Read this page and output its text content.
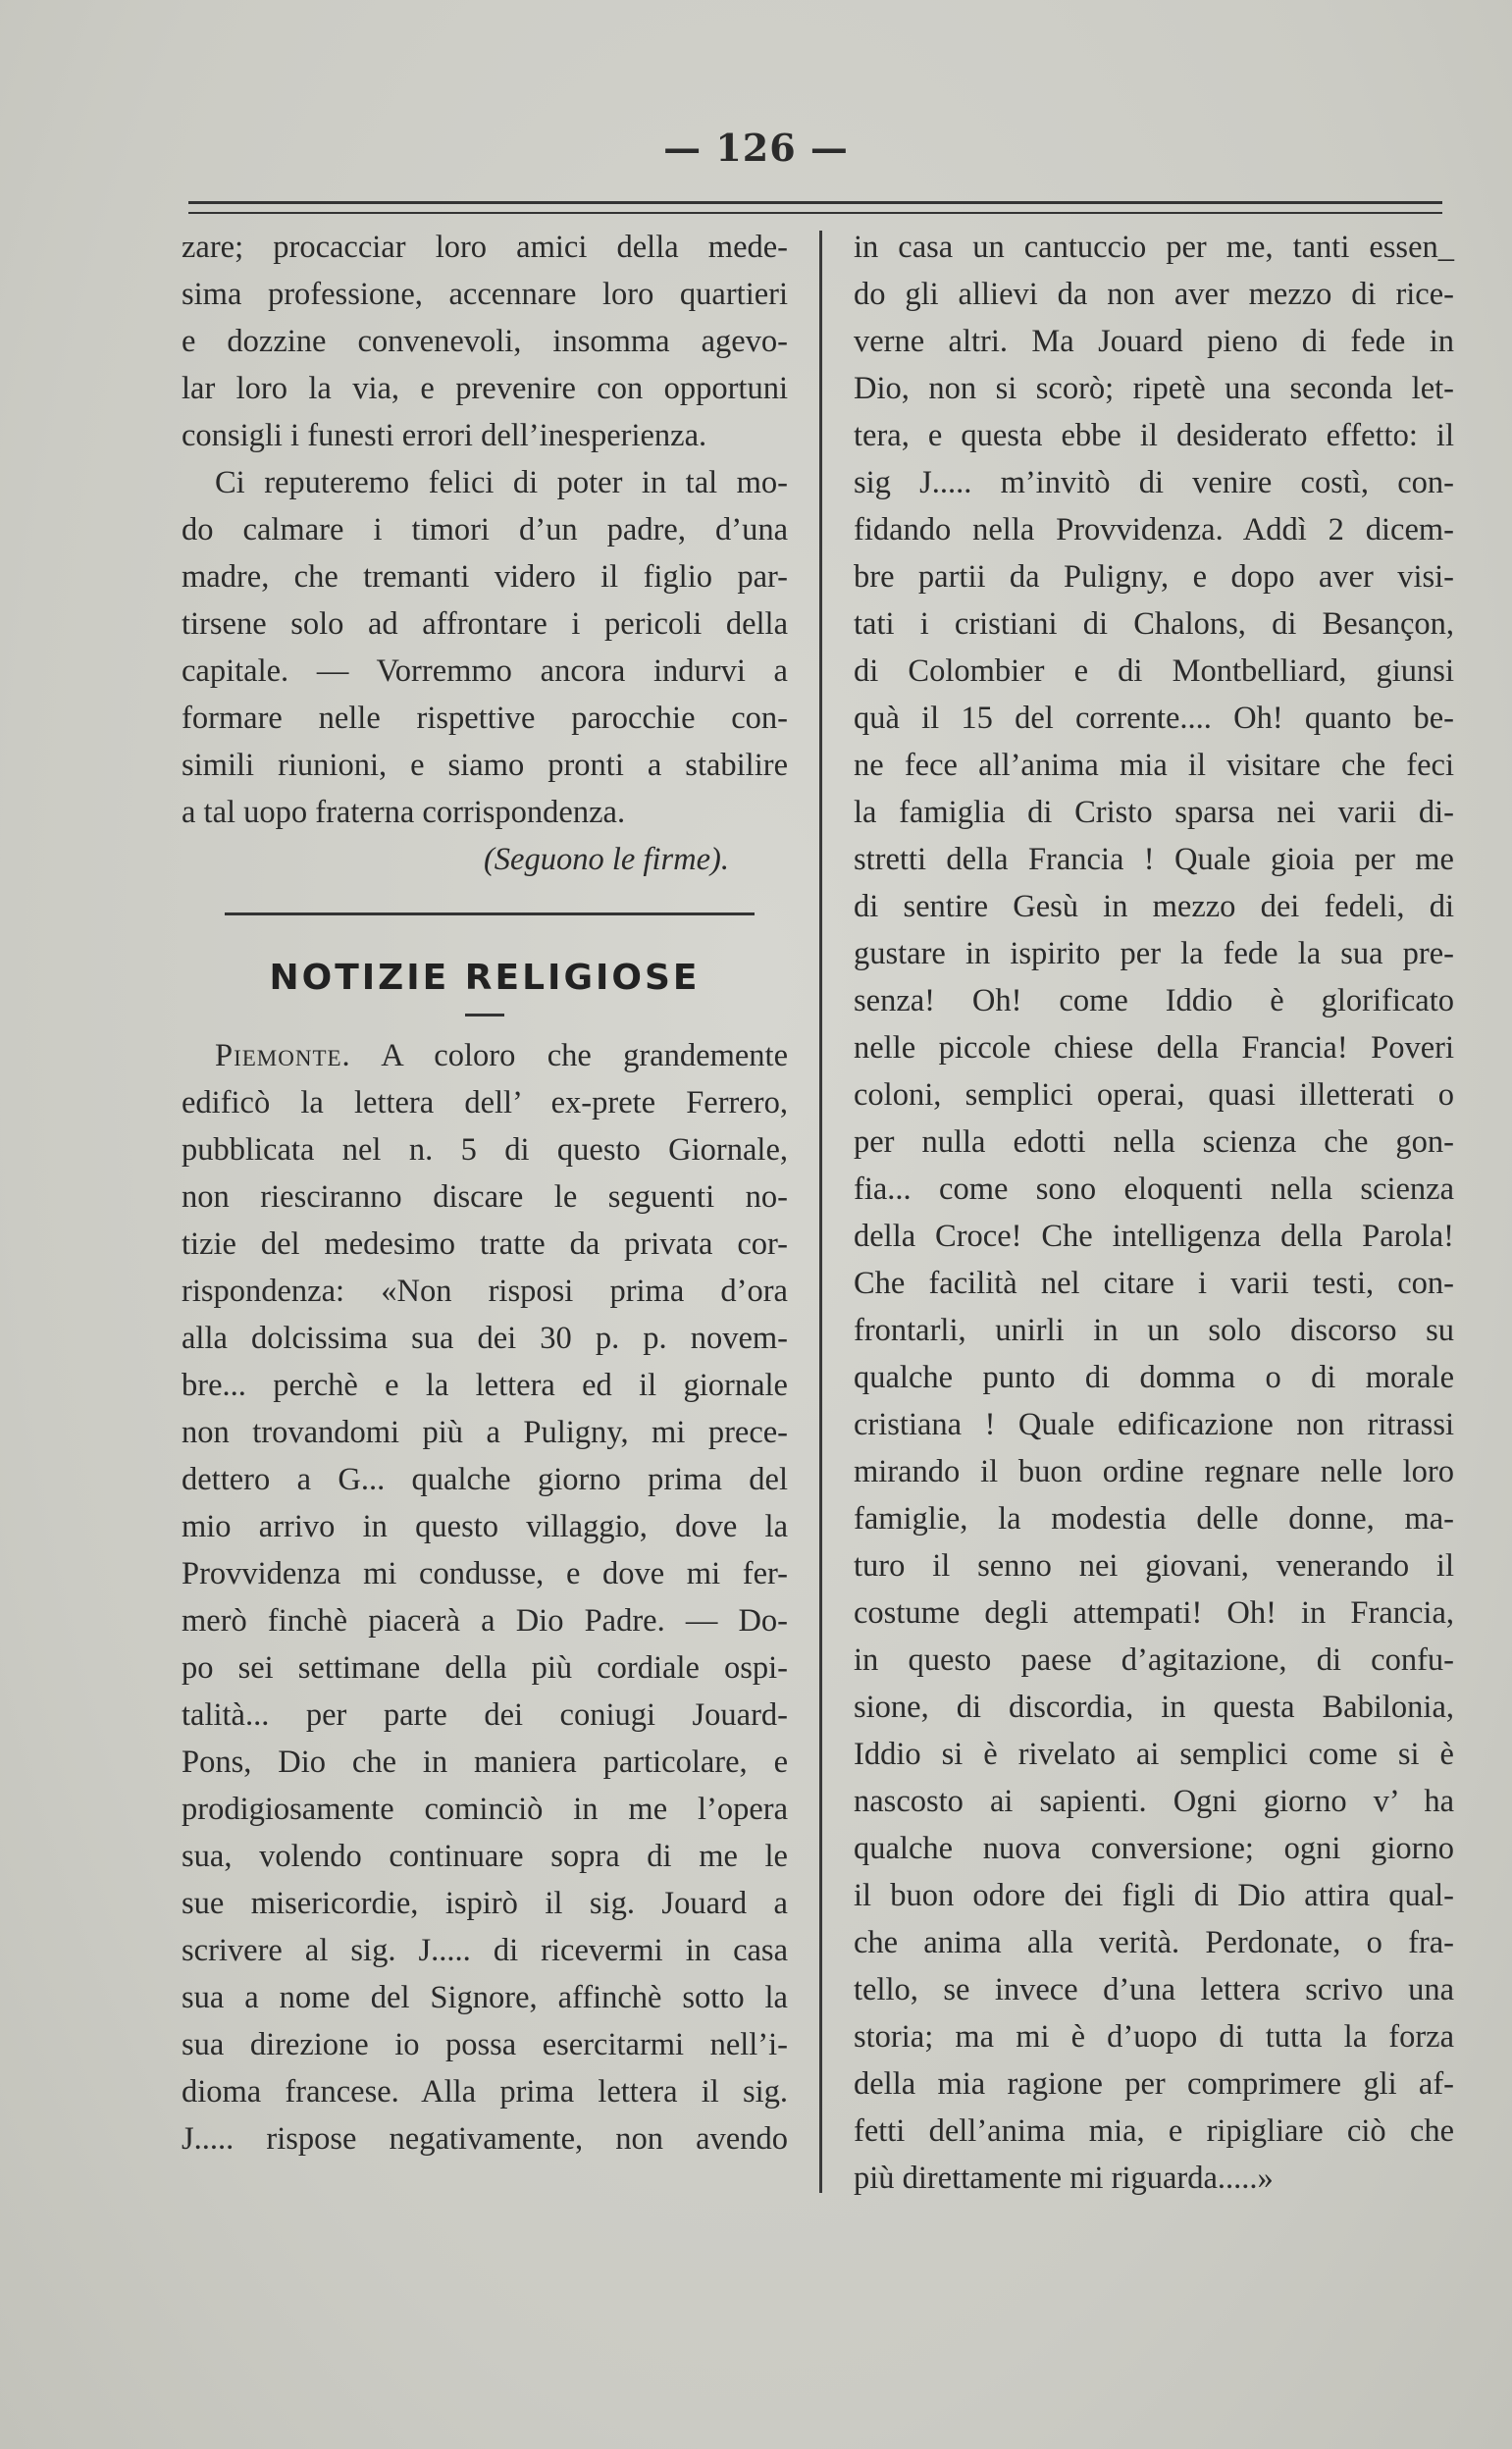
— 126 —
zare; procacciar loro amici della mede-
sima professione, accennare loro quartieri
e dozzine convenevoli, insomma agevo-
lar loro la via, e prevenire con opportuni
consigli i funesti errori dell’inesperienza.
Ci reputeremo felici di poter in tal mo-
do calmare i timori d’un padre, d’una
madre, che tremanti videro il figlio par-
tirsene solo ad affrontare i pericoli della
capitale. — Vorremmo ancora indurvi a
formare nelle rispettive parocchie con-
simili riunioni, e siamo pronti a stabilire
a tal uopo fraterna corrispondenza.
(Seguono le firme).
NOTIZIE RELIGIOSE
Piemonte. A coloro che grandemente
edificò la lettera dell’ ex-prete Ferrero,
pubblicata nel n. 5 di questo Giornale,
non riesciranno discare le seguenti no-
tizie del medesimo tratte da privata cor-
rispondenza: «Non risposi prima d’ora
alla dolcissima sua dei 30 p. p. novem-
bre... perchè e la lettera ed il giornale
non trovandomi più a Puligny, mi prece-
dettero a G... qualche giorno prima del
mio arrivo in questo villaggio, dove la
Provvidenza mi condusse, e dove mi fer-
merò finchè piacerà a Dio Padre. — Do-
po sei settimane della più cordiale ospi-
talità... per parte dei coniugi Jouard-
Pons, Dio che in maniera particolare, e
prodigiosamente cominciò in me l’opera
sua, volendo continuare sopra di me le
sue misericordie, ispirò il sig. Jouard a
scrivere al sig. J..... di ricevermi in casa
sua a nome del Signore, affinchè sotto la
sua direzione io possa esercitarmi nell’i-
dioma francese. Alla prima lettera il sig.
J..... rispose negativamente, non avendo
in casa un cantuccio per me, tanti essen_
do gli allievi da non aver mezzo di rice-
verne altri. Ma Jouard pieno di fede in
Dio, non si scorò; ripetè una seconda let-
tera, e questa ebbe il desiderato effetto: il
sig J..... m’invitò di venire costì, con-
fidando nella Provvidenza. Addì 2 dicem-
bre partii da Puligny, e dopo aver visi-
tati i cristiani di Chalons, di Besançon,
di Colombier e di Montbelliard, giunsi
quà il 15 del corrente.... Oh! quanto be-
ne fece all’anima mia il visitare che feci
la famiglia di Cristo sparsa nei varii di-
stretti della Francia ! Quale gioia per me
di sentire Gesù in mezzo dei fedeli, di
gustare in ispirito per la fede la sua pre-
senza! Oh! come Iddio è glorificato
nelle piccole chiese della Francia! Poveri
coloni, semplici operai, quasi illetterati o
per nulla edotti nella scienza che gon-
fia... come sono eloquenti nella scienza
della Croce! Che intelligenza della Parola!
Che facilità nel citare i varii testi, con-
frontarli, unirli in un solo discorso su
qualche punto di domma o di morale
cristiana ! Quale edificazione non ritrassi
mirando il buon ordine regnare nelle loro
famiglie, la modestia delle donne, ma-
turo il senno nei giovani, venerando il
costume degli attempati! Oh! in Francia,
in questo paese d’agitazione, di confu-
sione, di discordia, in questa Babilonia,
Iddio si è rivelato ai semplici come si è
nascosto ai sapienti. Ogni giorno v’ ha
qualche nuova conversione; ogni giorno
il buon odore dei figli di Dio attira qual-
che anima alla verità. Perdonate, o fra-
tello, se invece d’una lettera scrivo una
storia; ma mi è d’uopo di tutta la forza
della mia ragione per comprimere gli af-
fetti dell’anima mia, e ripigliare ciò che
più direttamente mi riguarda.....»
